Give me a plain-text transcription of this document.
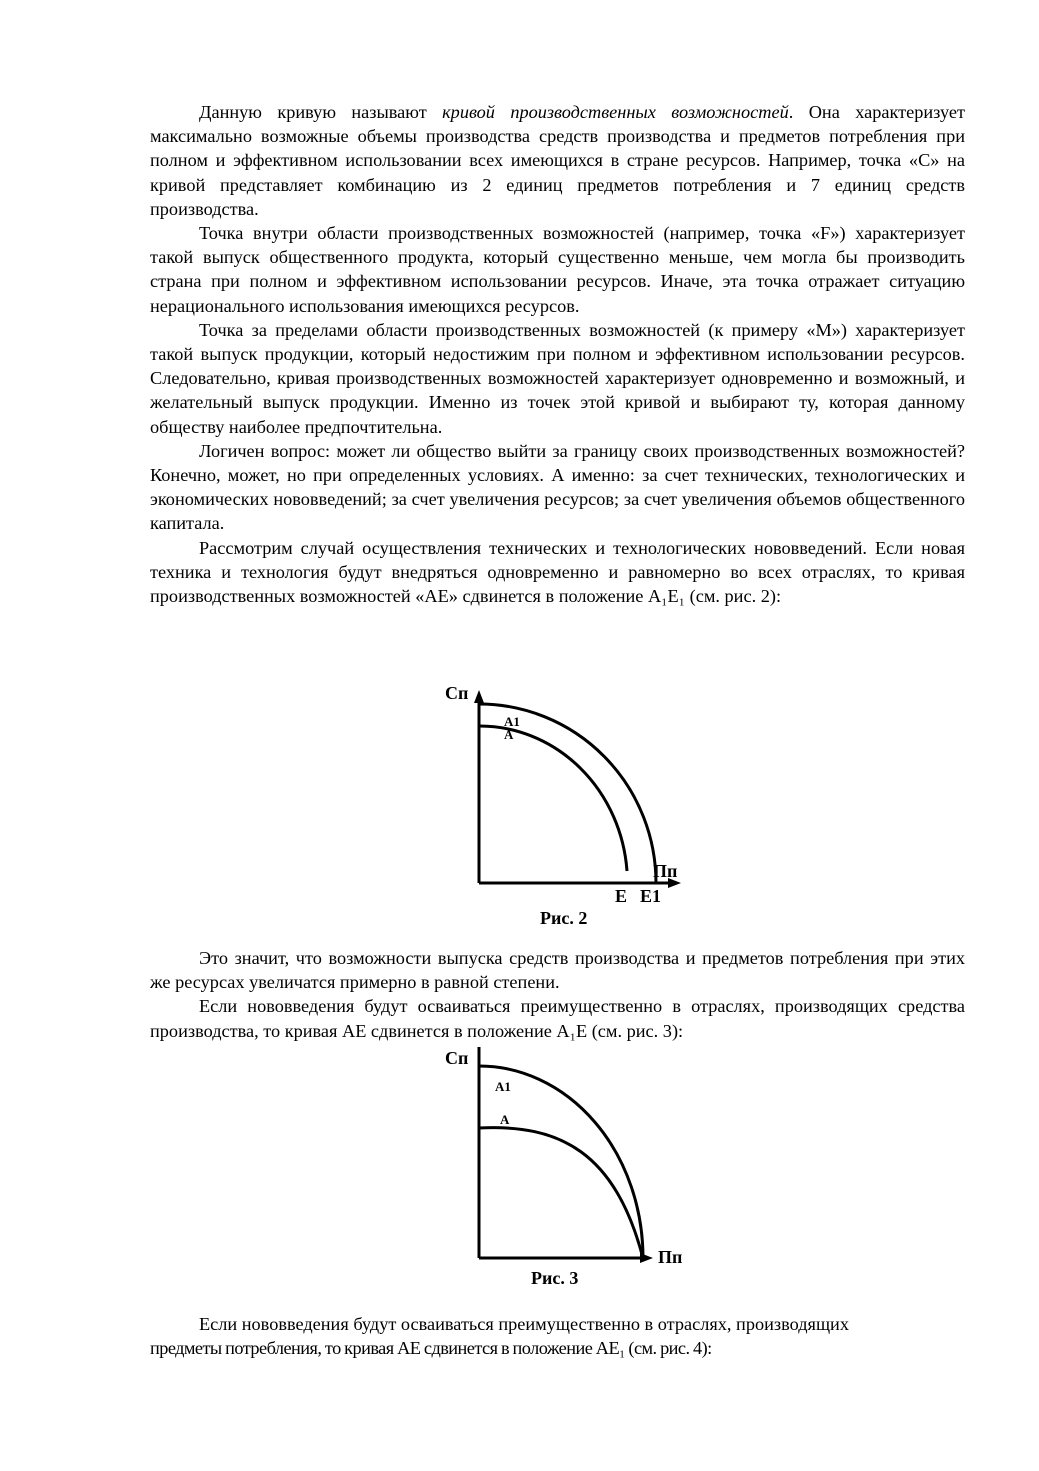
Данную кривую называют кривой производственных возможностей. Она характеризует максимально возможные объемы производства средств производства и предметов потребления при полном и эффективном использовании всех имеющихся в стране ресурсов. Например, точка «С» на кривой представляет комбинацию из 2 единиц предметов потребления и 7 единиц средств производства.

Точка внутри области производственных возможностей (например, точка «F») характеризует такой выпуск общественного продукта, который существенно меньше, чем могла бы производить страна при полном и эффективном использовании ресурсов. Иначе, эта точка отражает ситуацию нерационального использования имеющихся ресурсов.

Точка за пределами области производственных возможностей (к примеру «М») характеризует такой выпуск продукции, который недостижим при полном и эффективном использовании ресурсов. Следовательно, кривая производственных возможностей характеризует одновременно и возможный, и желательный выпуск продукции. Именно из точек этой кривой и выбирают ту, которая данному обществу наиболее предпочтительна.

Логичен вопрос: может ли общество выйти за границу своих производственных возможностей? Конечно, может, но при определенных условиях. А именно: за счет технических, технологических и экономических нововведений; за счет увеличения ресурсов; за счет увеличения объемов общественного капитала.

Рассмотрим случай осуществления технических и технологических нововведений. Если новая техника и технология будут внедряться одновременно и равномерно во всех отраслях, то кривая производственных возможностей «АЕ» сдвинется в положение А₁Е₁ (см. рис. 2):

Сп
А1
А
Пп
Е Е1
Рис. 2

Это значит, что возможности выпуска средств производства и предметов потребления при этих же ресурсах увеличатся примерно в равной степени.

Если нововведения будут осваиваться преимущественно в отраслях, производящих средства производства, то кривая АЕ сдвинется в положение А₁Е (см. рис. 3):

Сп
А1
А
Пп
Рис. 3

Если нововведения будут осваиваться преимущественно в отраслях, производящих

предметы потребления, то кривая АЕ сдвинется в положение АЕ₁ (см. рис. 4):
